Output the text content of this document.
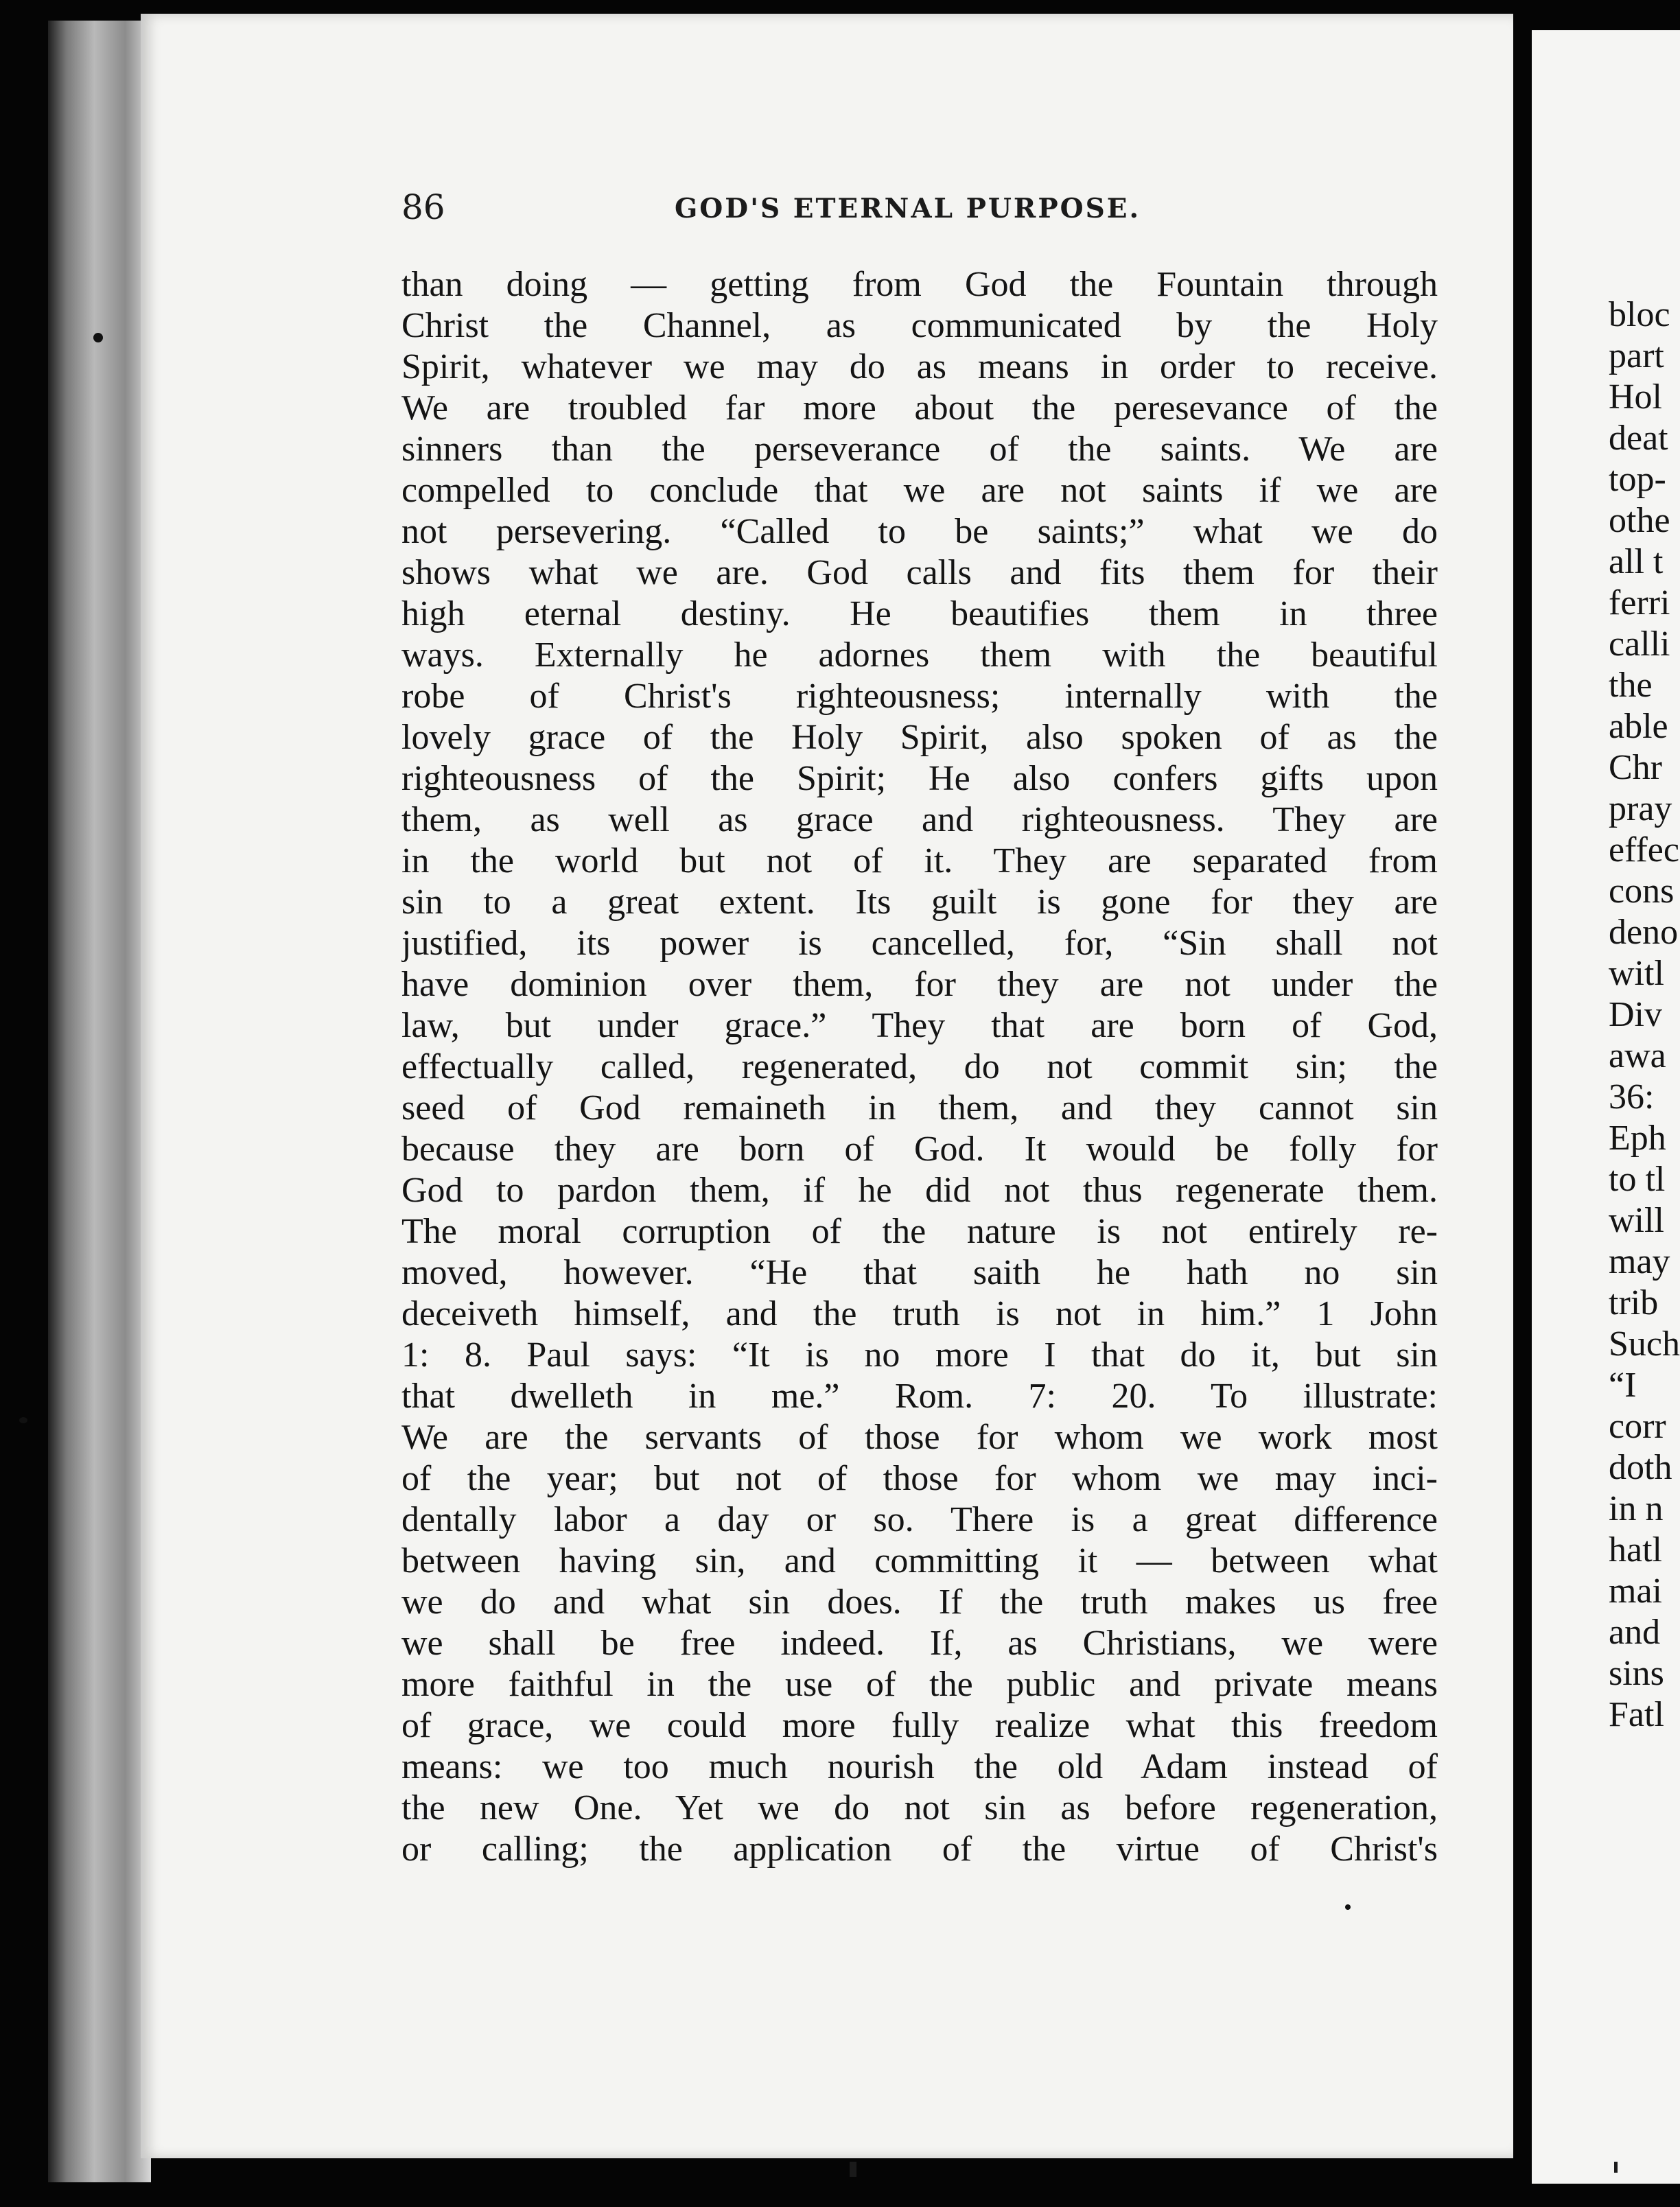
bloc
part
Hol
deat
top-
othe
all t
ferri
calli
the
able
Chr
pray
effec
cons
deno
witl
Div
awa
36:
Eph
to tl
will
may
trib
Such
“I
corr
doth
in n
hatl
mai
and
sins
Fatl
86	GOD'S ETERNAL PURPOSE.
than doing — getting from God the Fountain through
Christ the Channel, as communicated by the Holy
Spirit, whatever we may do as means in order to receive.
We are troubled far more about the peresevance of the
sinners than the perseverance of the saints. We are
compelled to conclude that we are not saints if we are
not persevering. “Called to be saints;” what we do
shows what we are. God calls and fits them for their
high eternal destiny. He beautifies them in three
ways. Externally he adornes them with the beautiful
robe of Christ's righteousness; internally with the
lovely grace of the Holy Spirit, also spoken of as the
righteousness of the Spirit; He also confers gifts upon
them, as well as grace and righteousness. They are
in the world but not of it. They are separated from
sin to a great extent. Its guilt is gone for they are
justified, its power is cancelled, for, “Sin shall not
have dominion over them, for they are not under the
law, but under grace.” They that are born of God,
effectually called, regenerated, do not commit sin; the
seed of God remaineth in them, and they cannot sin
because they are born of God. It would be folly for
God to pardon them, if he did not thus regenerate them.
The moral corruption of the nature is not entirely re-
moved, however. “He that saith he hath no sin
deceiveth himself, and the truth is not in him.” 1 John
1: 8. Paul says: “It is no more I that do it, but sin
that dwelleth in me.” Rom. 7: 20. To illustrate:
We are the servants of those for whom we work most
of the year; but not of those for whom we may inci-
dentally labor a day or so. There is a great difference
between having sin, and committing it — between what
we do and what sin does. If the truth makes us free
we shall be free indeed. If, as Christians, we were
more faithful in the use of the public and private means
of grace, we could more fully realize what this freedom
means: we too much nourish the old Adam instead of
the new One. Yet we do not sin as before regeneration,
or calling; the application of the virtue of Christ's
